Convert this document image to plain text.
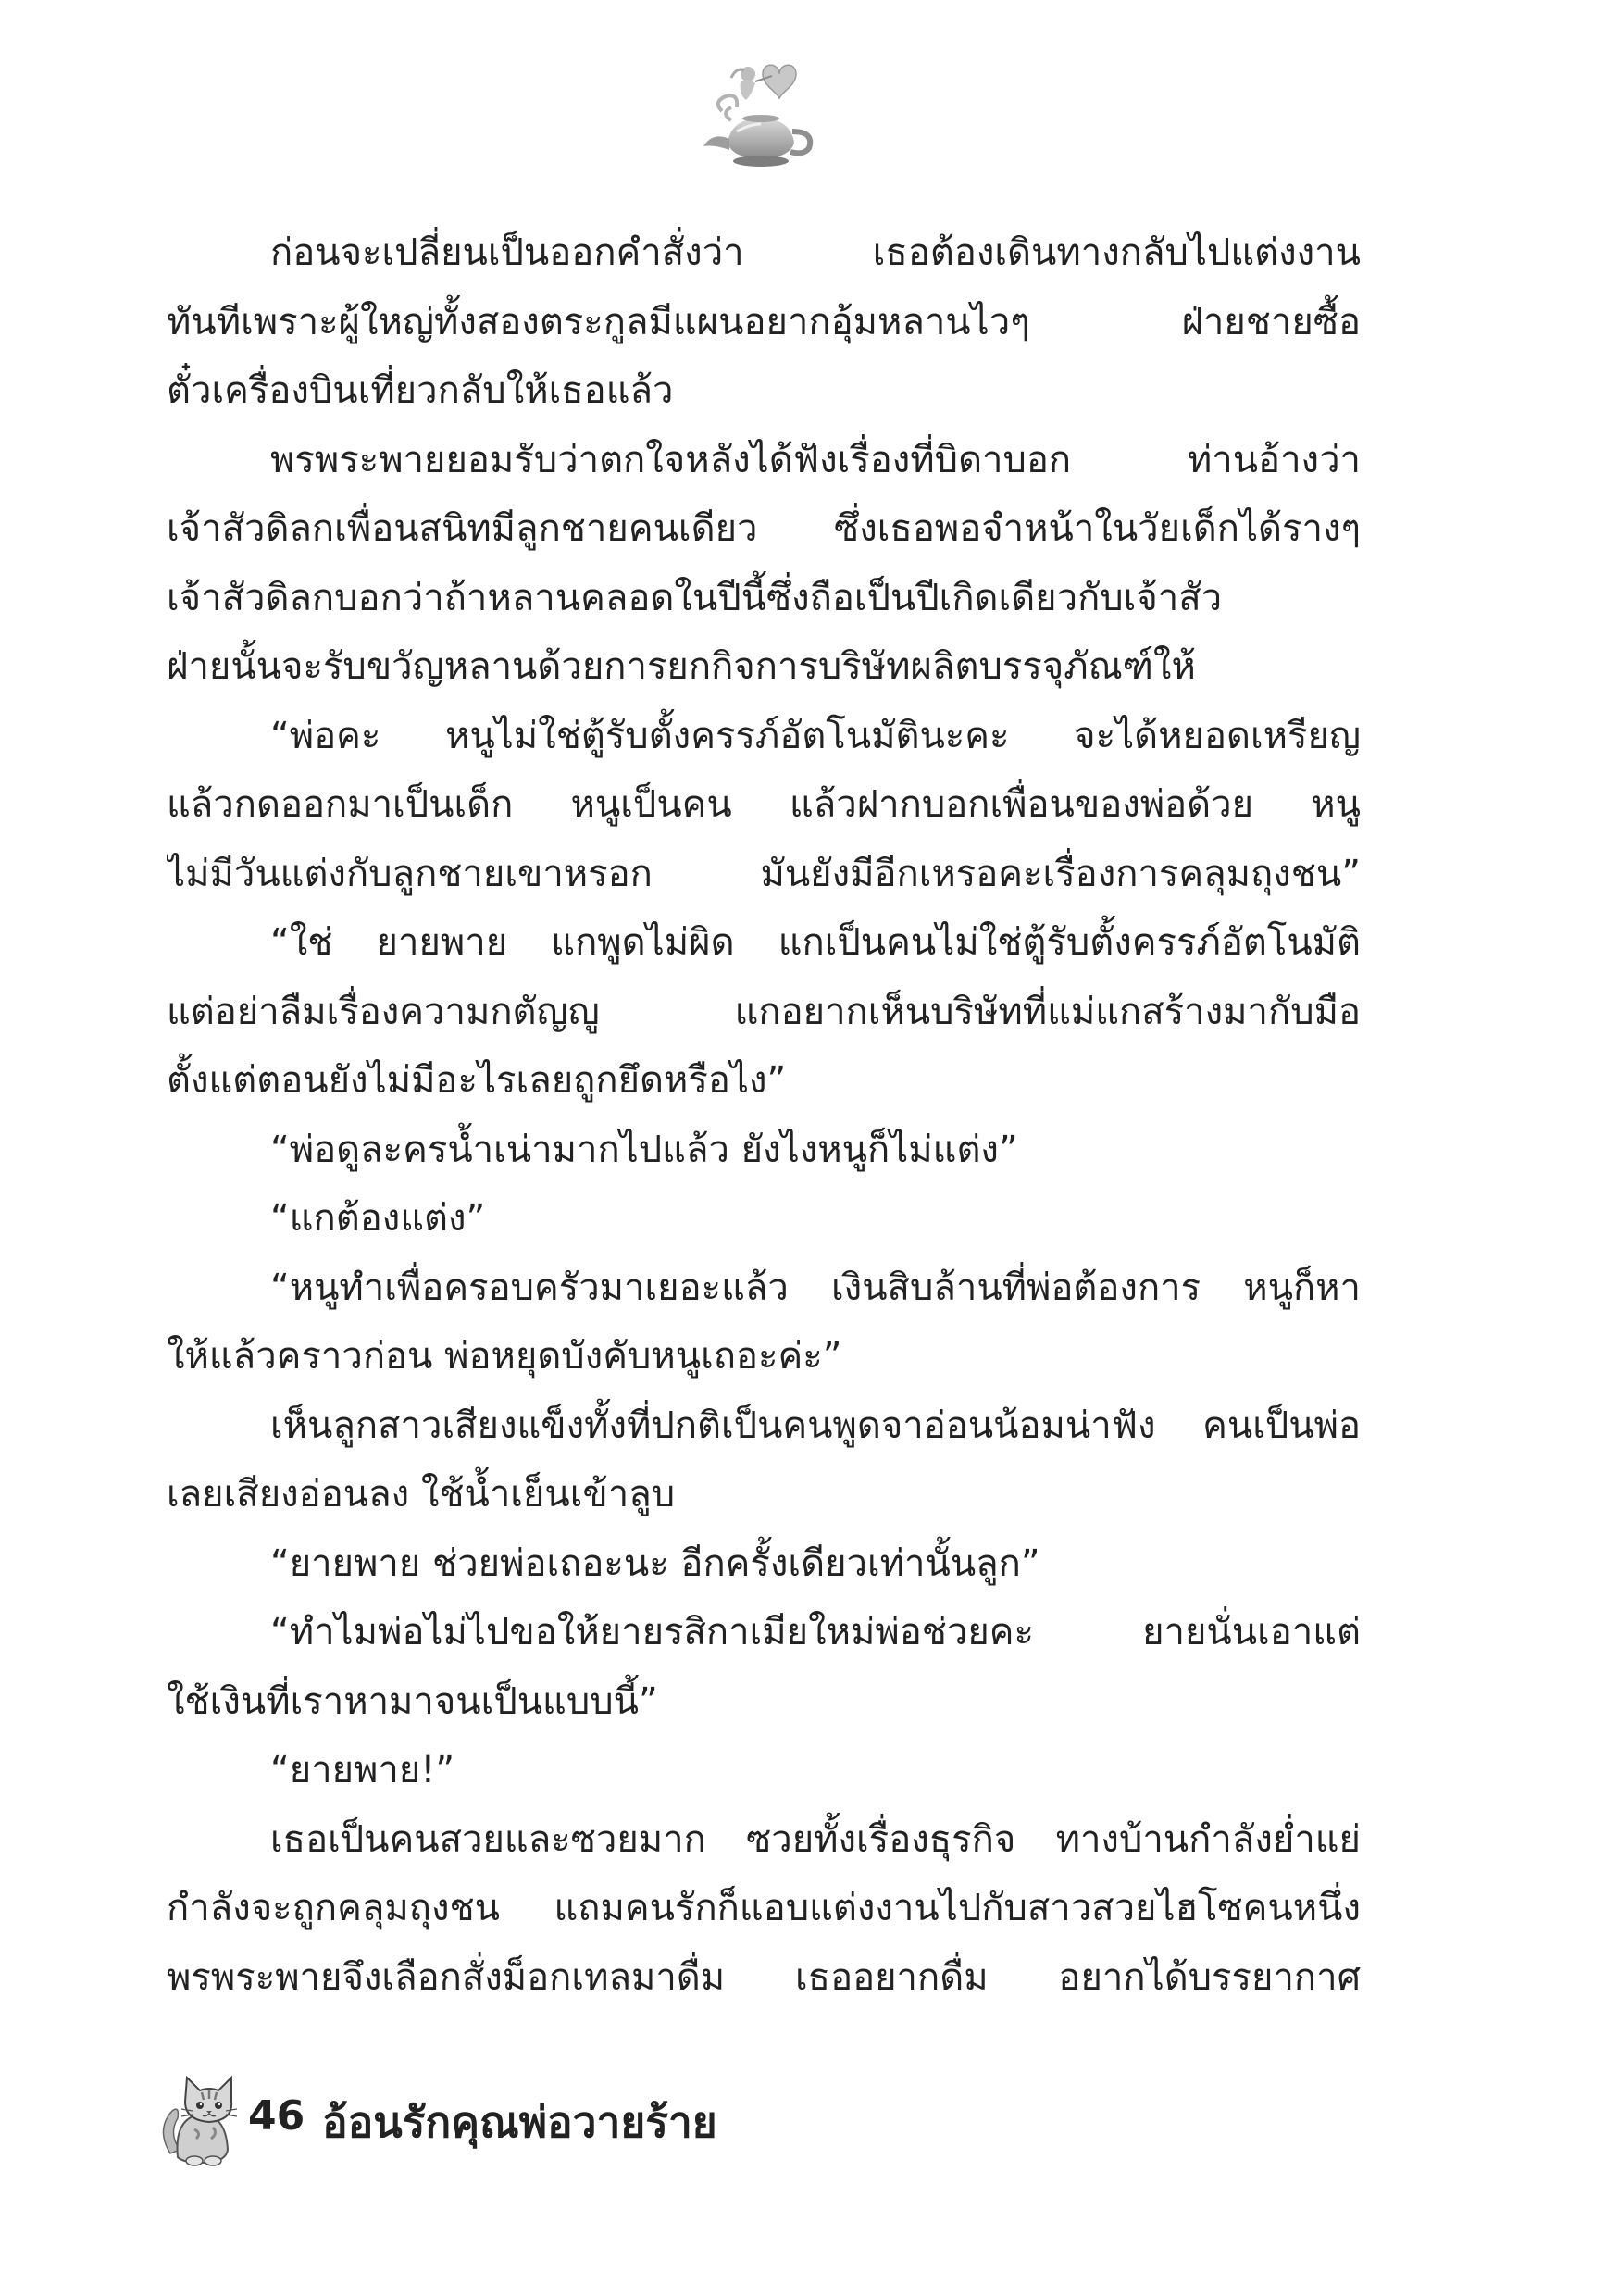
ก่อนจะเปลี่ยนเป็นออกคำสั่งว่า เธอต้องเดินทางกลับไปแต่งงาน
ทันทีเพราะผู้ใหญ่ทั้งสองตระกูลมีแผนอยากอุ้มหลานไวๆ ฝ่ายชายซื้อ
ตั๋วเครื่องบินเที่ยวกลับให้เธอแล้ว
พรพระพายยอมรับว่าตกใจหลังได้ฟังเรื่องที่บิดาบอก ท่านอ้างว่า
เจ้าสัวดิลกเพื่อนสนิทมีลูกชายคนเดียว ซึ่งเธอพอจำหน้าในวัยเด็กได้รางๆ
เจ้าสัวดิลกบอกว่าถ้าหลานคลอดในปีนี้ซึ่งถือเป็นปีเกิดเดียวกับเจ้าสัว
ฝ่ายนั้นจะรับขวัญหลานด้วยการยกกิจการบริษัทผลิตบรรจุภัณฑ์ให้
“พ่อคะ หนูไม่ใช่ตู้รับตั้งครรภ์อัตโนมัตินะคะ จะได้หยอดเหรียญ
แล้วกดออกมาเป็นเด็ก หนูเป็นคน แล้วฝากบอกเพื่อนของพ่อด้วย หนู
ไม่มีวันแต่งกับลูกชายเขาหรอก มันยังมีอีกเหรอคะเรื่องการคลุมถุงชน”
“ใช่ ยายพาย แกพูดไม่ผิด แกเป็นคนไม่ใช่ตู้รับตั้งครรภ์อัตโนมัติ
แต่อย่าลืมเรื่องความกตัญญู แกอยากเห็นบริษัทที่แม่แกสร้างมากับมือ
ตั้งแต่ตอนยังไม่มีอะไรเลยถูกยึดหรือไง”
“พ่อดูละครน้ำเน่ามากไปแล้ว ยังไงหนูก็ไม่แต่ง”
“แกต้องแต่ง”
“หนูทำเพื่อครอบครัวมาเยอะแล้ว เงินสิบล้านที่พ่อต้องการ หนูก็หา
ให้แล้วคราวก่อน พ่อหยุดบังคับหนูเถอะค่ะ”
เห็นลูกสาวเสียงแข็งทั้งที่ปกติเป็นคนพูดจาอ่อนน้อมน่าฟัง คนเป็นพ่อ
เลยเสียงอ่อนลง ใช้น้ำเย็นเข้าลูบ
“ยายพาย ช่วยพ่อเถอะนะ อีกครั้งเดียวเท่านั้นลูก”
“ทำไมพ่อไม่ไปขอให้ยายรสิกาเมียใหม่พ่อช่วยคะ ยายนั่นเอาแต่
ใช้เงินที่เราหามาจนเป็นแบบนี้”
“ยายพาย!”
เธอเป็นคนสวยและซวยมาก ซวยทั้งเรื่องธุรกิจ ทางบ้านกำลังย่ำแย่
กำลังจะถูกคลุมถุงชน แถมคนรักก็แอบแต่งงานไปกับสาวสวยไฮโซคนหนึ่ง
พรพระพายจึงเลือกสั่งม็อกเทลมาดื่ม เธออยากดื่ม อยากได้บรรยากาศ
46 อ้อนรักคุณพ่อวายร้าย
